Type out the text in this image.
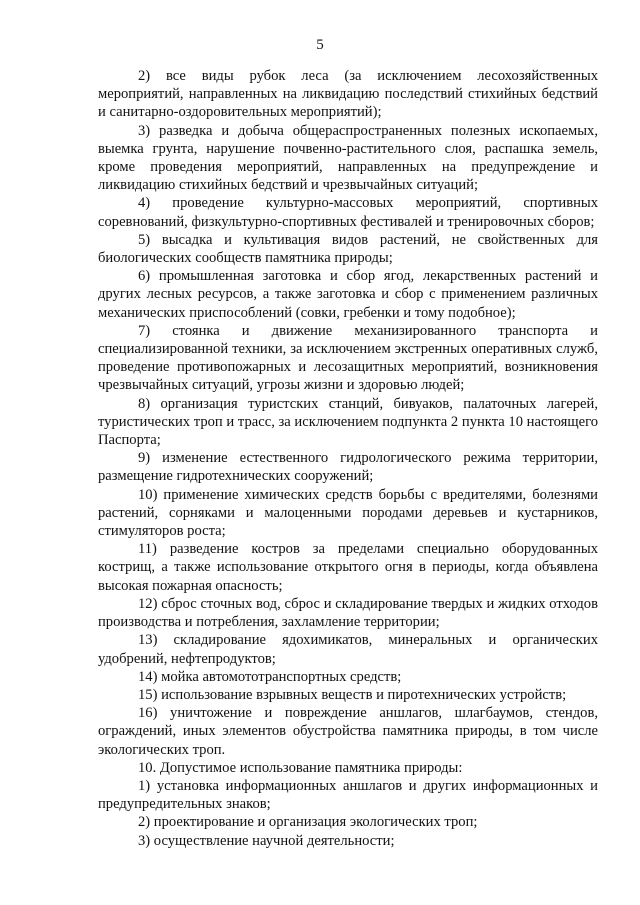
5

2) все виды рубок леса (за исключением лесохозяйственных мероприятий, направленных на ликвидацию последствий стихийных бедствий и санитарно-оздоровительных мероприятий);

3) разведка и добыча общераспространенных полезных ископаемых, выемка грунта, нарушение почвенно-растительного слоя, распашка земель, кроме проведения мероприятий, направленных на предупреждение и ликвидацию стихийных бедствий и чрезвычайных ситуаций;

4) проведение культурно-массовых мероприятий, спортивных соревнований, физкультурно-спортивных фестивалей и тренировочных сборов;

5) высадка и культивация видов растений, не свойственных для биологических сообществ памятника природы;

6) промышленная заготовка и сбор ягод, лекарственных растений и других лесных ресурсов, а также заготовка и сбор с применением различных механических приспособлений (совки, гребенки и тому подобное);

7) стоянка и движение механизированного транспорта и специализированной техники, за исключением экстренных оперативных служб, проведение противопожарных и лесозащитных мероприятий, возникновения чрезвычайных ситуаций, угрозы жизни и здоровью людей;

8) организация туристских станций, бивуаков, палаточных лагерей, туристических троп и трасс, за исключением подпункта 2 пункта 10 настоящего Паспорта;

9) изменение естественного гидрологического режима территории, размещение гидротехнических сооружений;

10) применение химических средств борьбы с вредителями, болезнями растений, сорняками и малоценными породами деревьев и кустарников, стимуляторов роста;

11) разведение костров за пределами специально оборудованных кострищ, а также использование открытого огня в периоды, когда объявлена высокая пожарная опасность;

12) сброс сточных вод, сброс и складирование твердых и жидких отходов производства и потребления, захламление территории;

13) складирование ядохимикатов, минеральных и органических удобрений, нефтепродуктов;

14) мойка автомототранспортных средств;

15) использование взрывных веществ и пиротехнических устройств;

16) уничтожение и повреждение аншлагов, шлагбаумов, стендов, ограждений, иных элементов обустройства памятника природы, в том числе экологических троп.

10. Допустимое использование памятника природы:

1) установка информационных аншлагов и других информационных и предупредительных знаков;

2) проектирование и организация экологических троп;

3) осуществление научной деятельности;
